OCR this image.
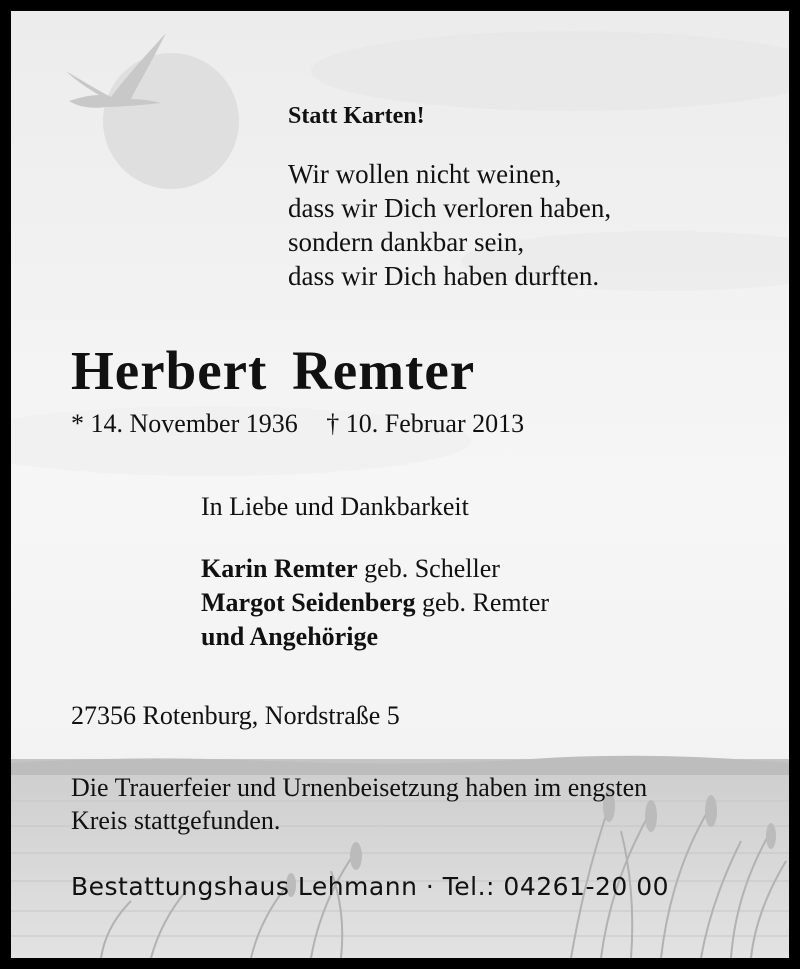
Statt Karten!
Wir wollen nicht weinen,
dass wir Dich verloren haben,
sondern dankbar sein,
dass wir Dich haben durften.
Herbert Remter
* 14. November 1936 † 10. Februar 2013
In Liebe und Dankbarkeit
Karin Remter geb. Scheller
Margot Seidenberg geb. Remter
und Angehörige
27356 Rotenburg, Nordstraße 5
Die Trauerfeier und Urnenbeisetzung haben im engsten
Kreis stattgefunden.
Bestattungshaus Lehmann · Tel.: 04261-20 00
